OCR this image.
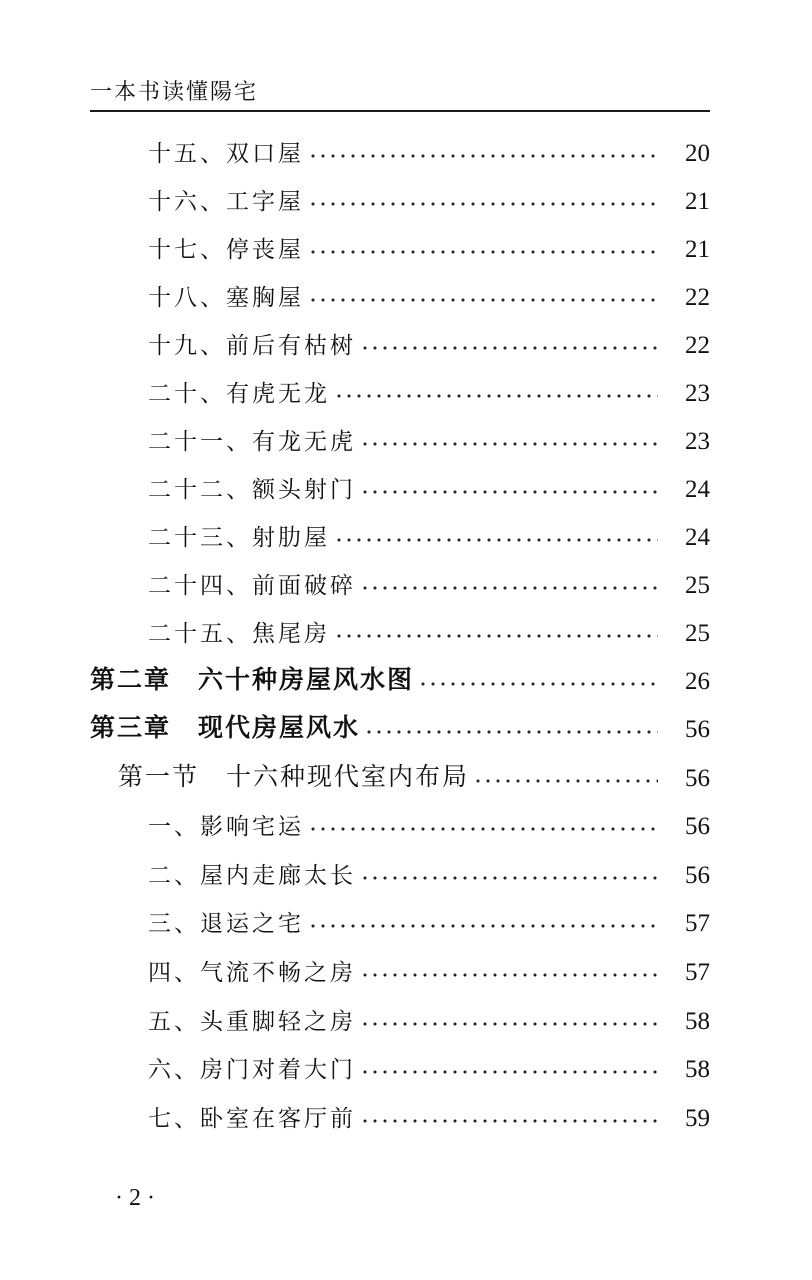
一本书读懂陽宅
十五、双口屋	20
十六、工字屋	21
十七、停丧屋	21
十八、塞胸屋	22
十九、前后有枯树	22
二十、有虎无龙	23
二十一、有龙无虎	23
二十二、额头射门	24
二十三、射肋屋	24
二十四、前面破碎	25
二十五、焦尾房	25
第二章　六十种房屋风水图	26
第三章　现代房屋风水	56
第一节　十六种现代室内布局	56
一、影响宅运	56
二、屋内走廊太长	56
三、退运之宅	57
四、气流不畅之房	57
五、头重脚轻之房	58
六、房门对着大门	58
七、卧室在客厅前	59
· 2 ·
